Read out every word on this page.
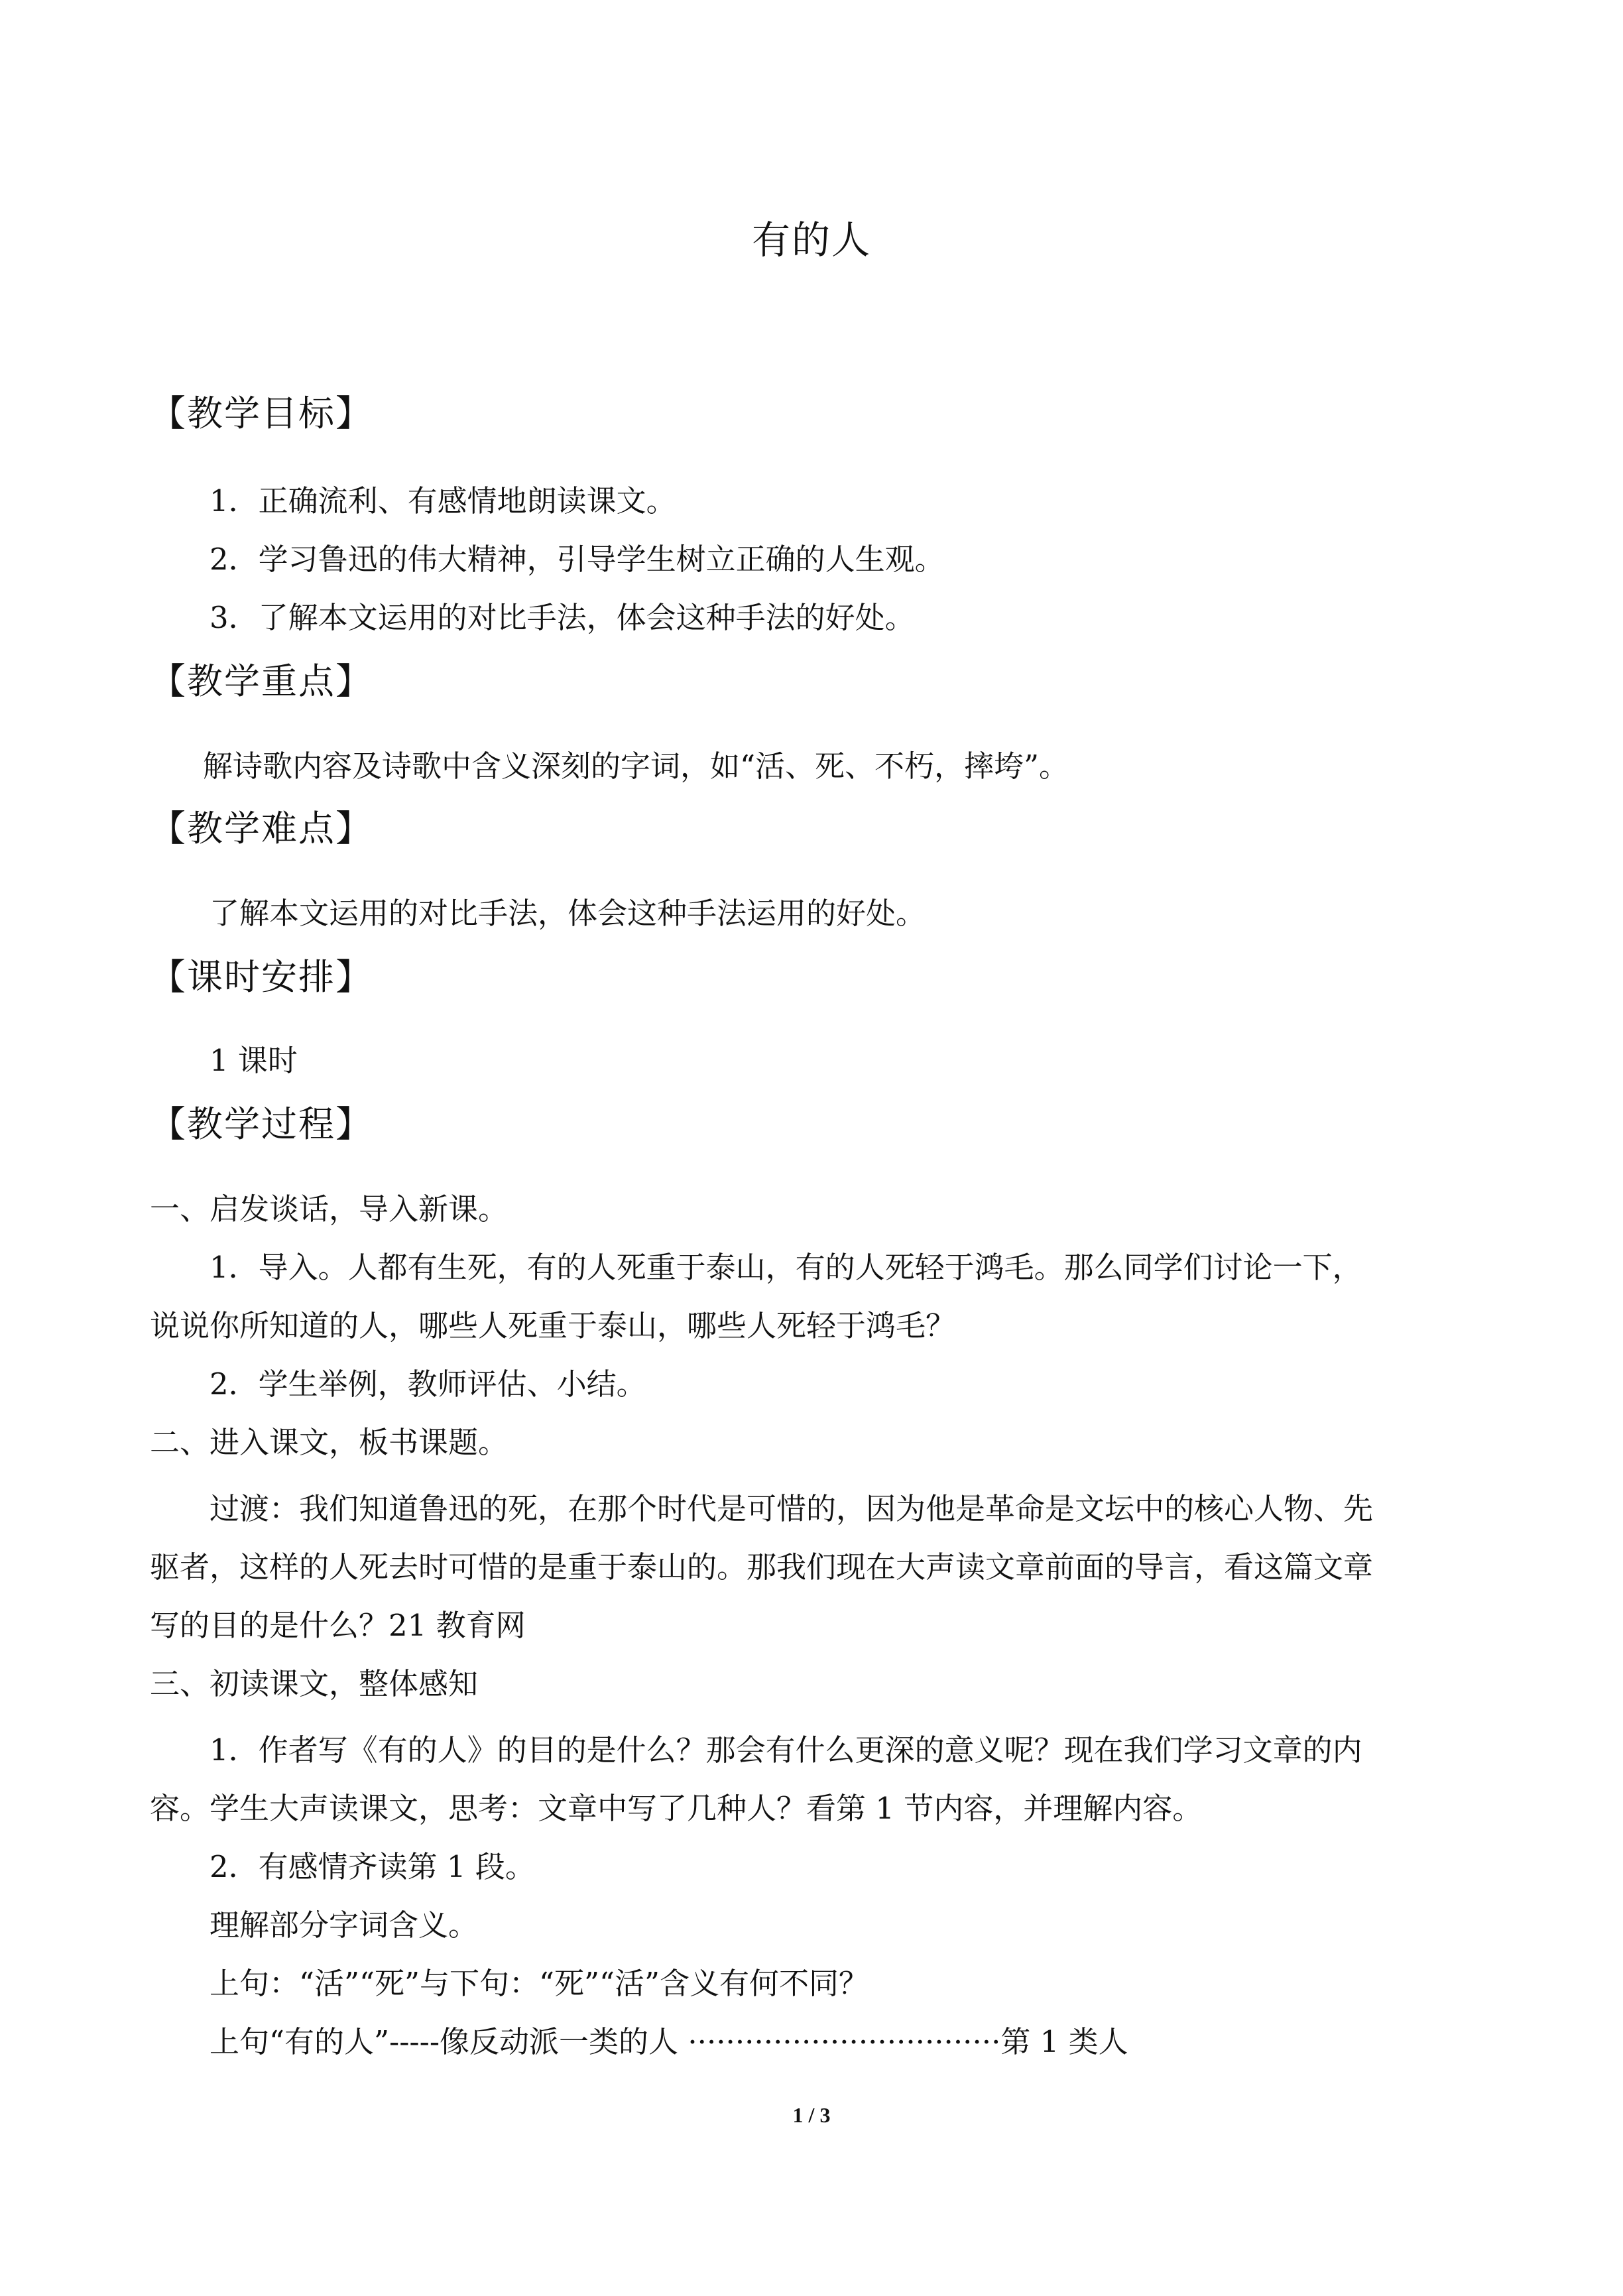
有的人
【教学目标】
1．正确流利、有感情地朗读课文。
2．学习鲁迅的伟大精神，引导学生树立正确的人生观。
3．了解本文运用的对比手法，体会这种手法的好处。
【教学重点】
解诗歌内容及诗歌中含义深刻的字词，如“活、死、不朽，摔垮”。
【教学难点】
了解本文运用的对比手法，体会这种手法运用的好处。
【课时安排】
1 课时
【教学过程】
一、启发谈话，导入新课。
1．导入。人都有生死，有的人死重于泰山，有的人死轻于鸿毛。那么同学们讨论一下，
说说你所知道的人，哪些人死重于泰山，哪些人死轻于鸿毛？
2．学生举例，教师评估、小结。
二、进入课文，板书课题。
过渡：我们知道鲁迅的死，在那个时代是可惜的，因为他是革命是文坛中的核心人物、先
驱者，这样的人死去时可惜的是重于泰山的。那我们现在大声读文章前面的导言，看这篇文章
写的目的是什么？21 教育网
三、初读课文，整体感知
1．作者写《有的人》的目的是什么？那会有什么更深的意义呢？现在我们学习文章的内
容。学生大声读课文，思考：文章中写了几种人？看第 1 节内容，并理解内容。
2．有感情齐读第 1 段。
理解部分字词含义。
上句：“活”“死”与下句：“死”“活”含义有何不同？
上句“有的人”-----像反动派一类的人 ·································第 1 类人
1 / 3
